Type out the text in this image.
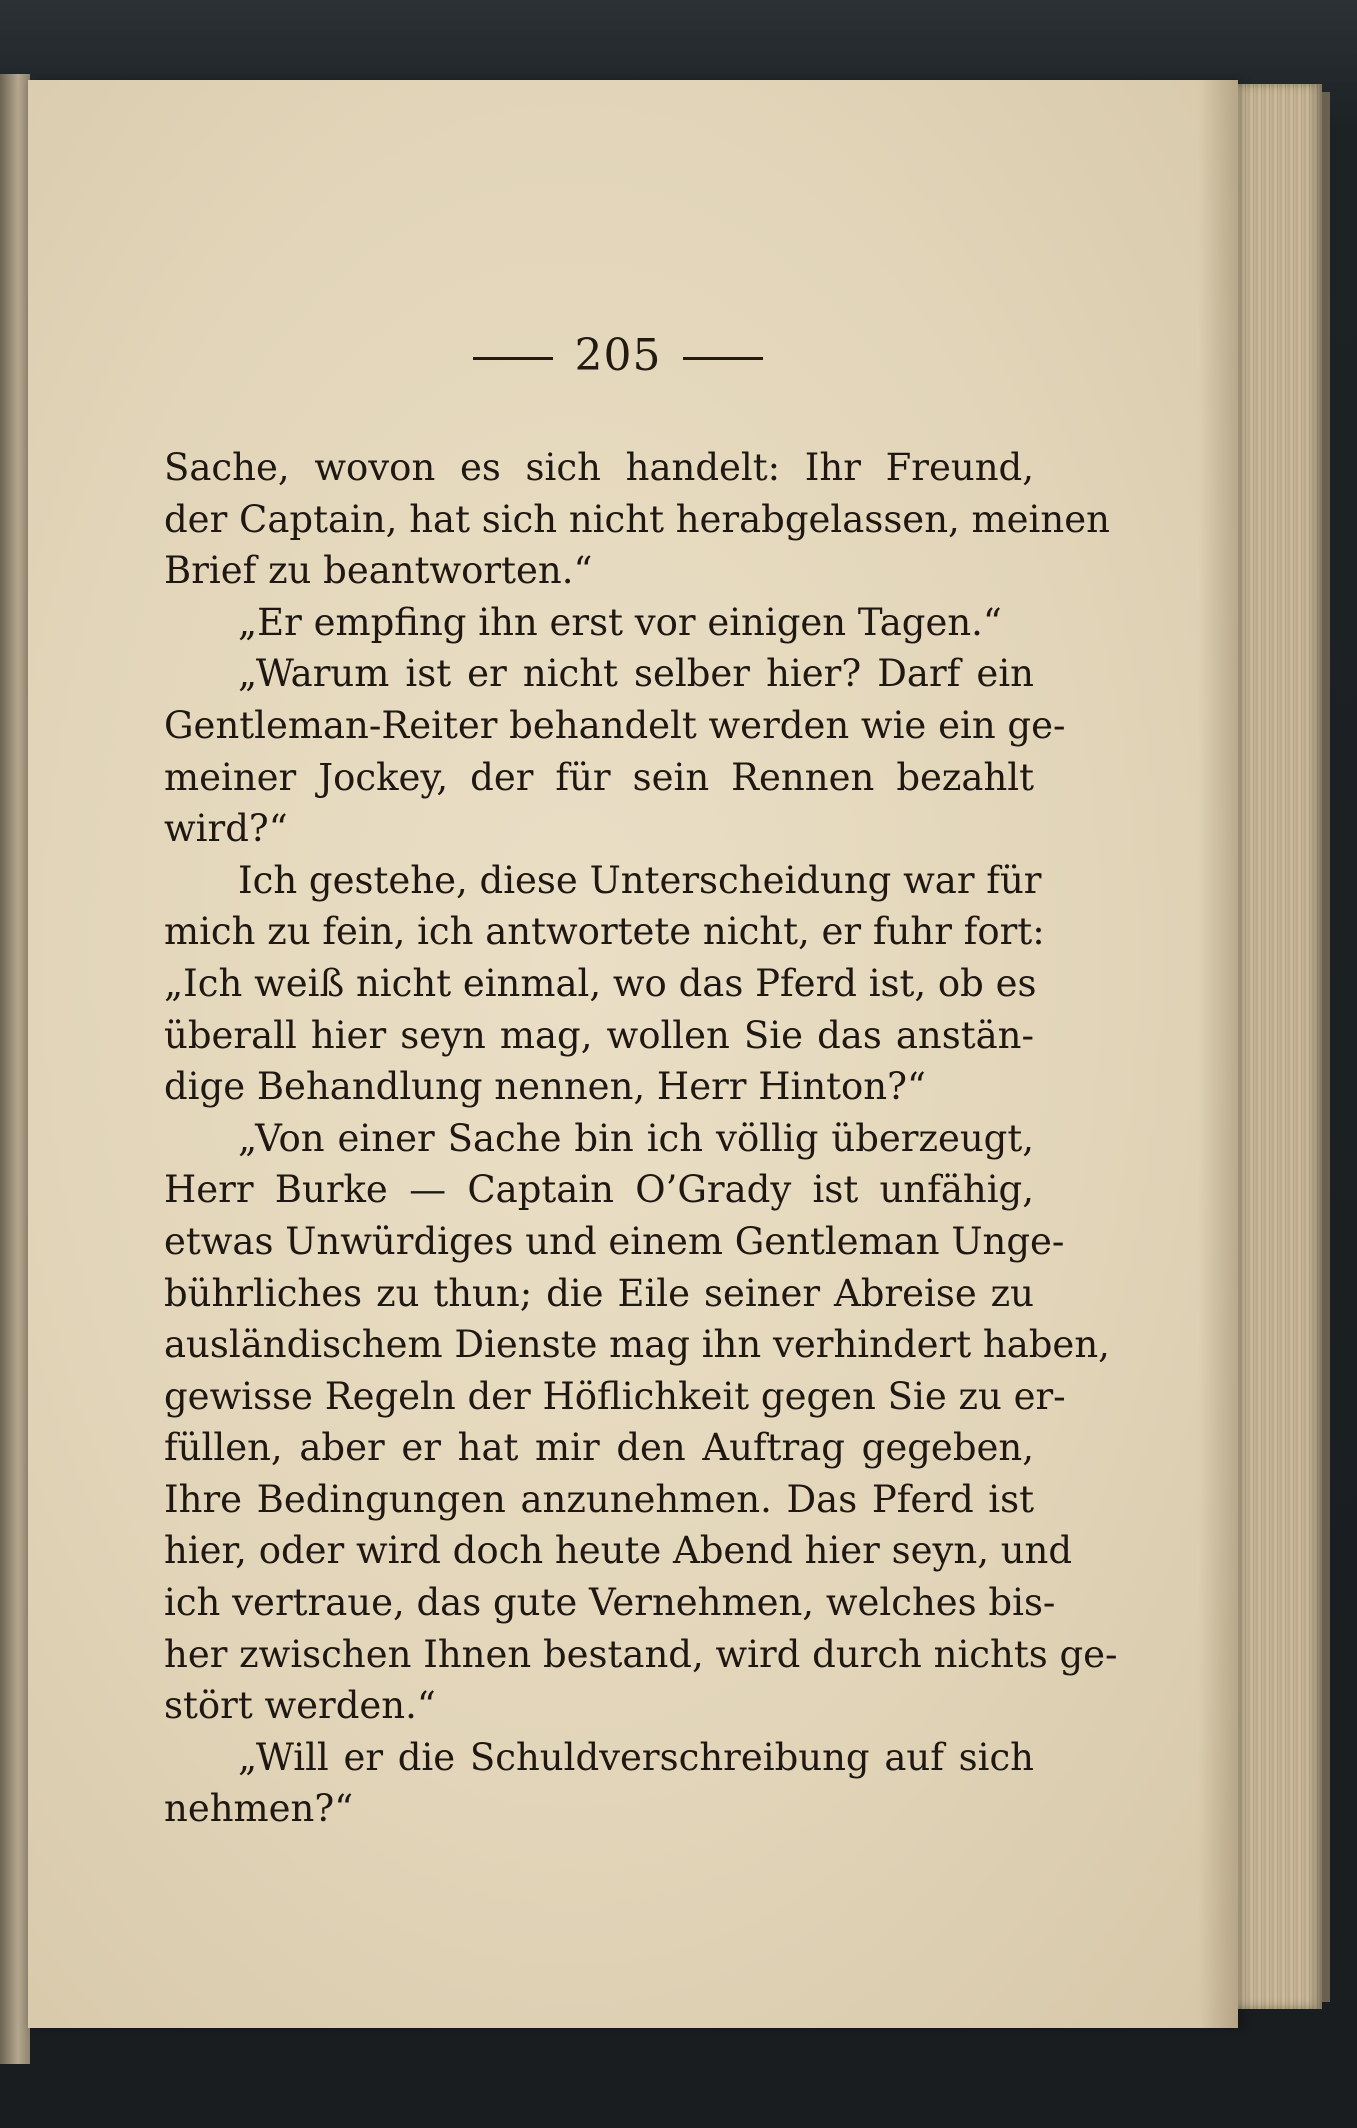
205
Sache, wovon es sich handelt: Ihr Freund,
der Captain, hat sich nicht herabgelassen, meinen
Brief zu beantworten.“
„Er empfing ihn erst vor einigen Tagen.“
„Warum ist er nicht selber hier? Darf ein
Gentleman-Reiter behandelt werden wie ein ge-
meiner Jockey, der für sein Rennen bezahlt
wird?“
Ich gestehe, diese Unterscheidung war für
mich zu fein, ich antwortete nicht, er fuhr fort:
„Ich weiß nicht einmal, wo das Pferd ist, ob es
überall hier seyn mag, wollen Sie das anstän-
dige Behandlung nennen, Herr Hinton?“
„Von einer Sache bin ich völlig überzeugt,
Herr Burke — Captain O’Grady ist unfähig,
etwas Unwürdiges und einem Gentleman Unge-
bührliches zu thun; die Eile seiner Abreise zu
ausländischem Dienste mag ihn verhindert haben,
gewisse Regeln der Höflichkeit gegen Sie zu er-
füllen, aber er hat mir den Auftrag gegeben,
Ihre Bedingungen anzunehmen. Das Pferd ist
hier, oder wird doch heute Abend hier seyn, und
ich vertraue, das gute Vernehmen, welches bis-
her zwischen Ihnen bestand, wird durch nichts ge-
stört werden.“
„Will er die Schuldverschreibung auf sich
nehmen?“
